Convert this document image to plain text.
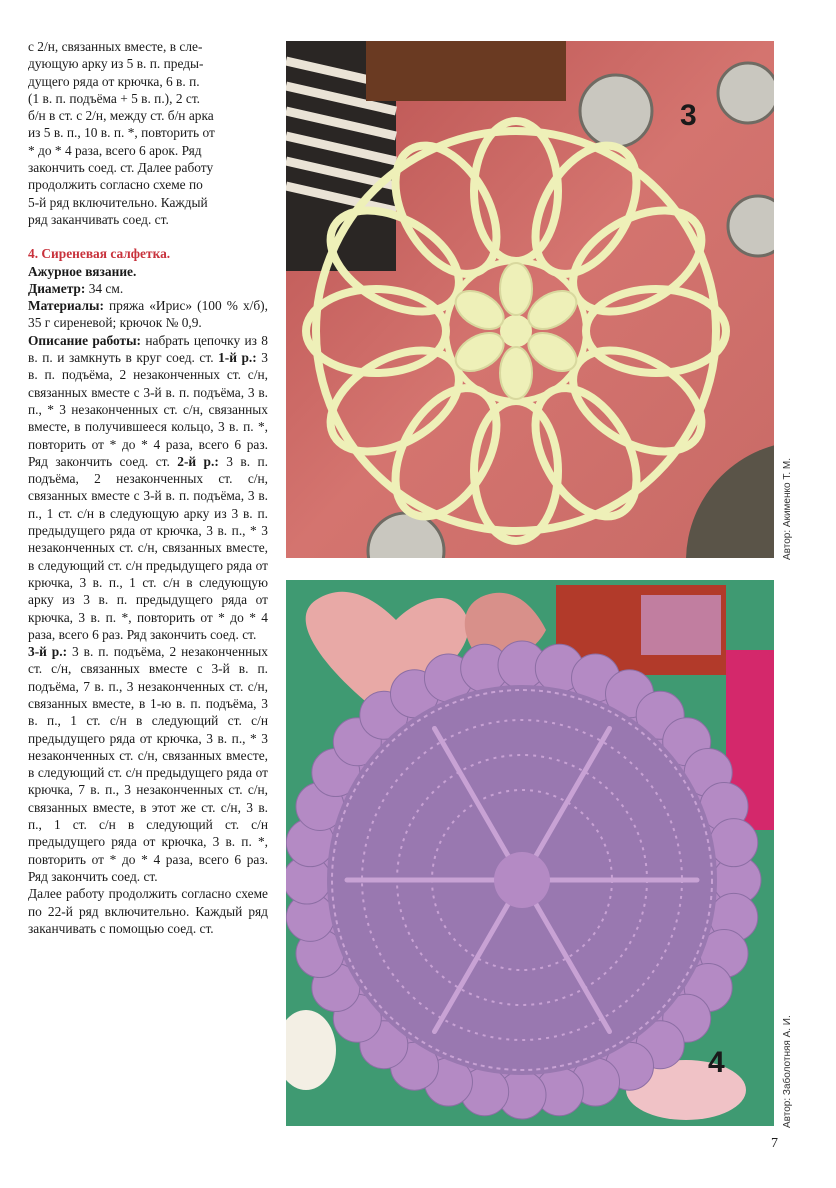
с 2/н, связанных вместе, в сле-
дующую арку из 5 в. п. преды-
дущего ряда от крючка, 6 в. п.
(1 в. п. подъёма + 5 в. п.), 2 ст.
б/н в ст. с 2/н, между ст. б/н арка
из 5 в. п., 10 в. п. *, повторить от
* до * 4 раза, всего 6 арок. Ряд
закончить соед. ст. Далее работу
продолжить согласно схеме по
5-й ряд включительно. Каждый
ряд заканчивать соед. ст.

4. Сиреневая салфетка.

Ажурное вязание.

Диаметр: 34 см.

Материалы: пряжа «Ирис» (100 % х/б), 35 г сиреневой; крючок № 0,9.

Описание работы: набрать цепочку из 8 в. п. и замкнуть в круг соед. ст. 1-й р.: 3 в. п. подъёма, 2 незаконченных ст. с/н, связанных вместе с 3-й в. п. подъёма, 3 в. п., * 3 незаконченных ст. с/н, связанных вместе, в получившееся кольцо, 3 в. п. *, повторить от * до * 4 раза, всего 6 раз. Ряд закончить соед. ст. 2-й р.: 3 в. п. подъёма, 2 незаконченных ст. с/н, связанных вместе с 3-й в. п. подъёма, 3 в. п., 1 ст. с/н в следующую арку из 3 в. п. предыдущего ряда от крючка, 3 в. п., * 3 незаконченных ст. с/н, связанных вместе, в следующий ст. с/н предыдущего ряда от крючка, 3 в. п., 1 ст. с/н в следующую арку из 3 в. п. предыдущего ряда от крючка, 3 в. п. *, повторить от * до * 4 раза, всего 6 раз. Ряд закончить соед. ст.

3-й р.: 3 в. п. подъёма, 2 незаконченных ст. с/н, связанных вместе с 3-й в. п. подъёма, 7 в. п., 3 незаконченных ст. с/н, связанных вместе, в 1-ю в. п. подъёма, 3 в. п., 1 ст. с/н в следующий ст. с/н предыдущего ряда от крючка, 3 в. п., * 3 незаконченных ст. с/н, связанных вместе, в следующий ст. с/н предыдущего ряда от крючка, 7 в. п., 3 незаконченных ст. с/н, связанных вместе, в этот же ст. с/н, 3 в. п., 1 ст. с/н в следующий ст. с/н предыдущего ряда от крючка, 3 в. п. *, повторить от * до * 4 раза, всего 6 раз. Ряд закончить соед. ст.

Далее работу продолжить согласно схеме по 22-й ряд включительно. Каждый ряд заканчивать с помощью соед. ст.

3
Автор: Акименко Т. М.
4	Автор: Заболотняя А. И.
7
